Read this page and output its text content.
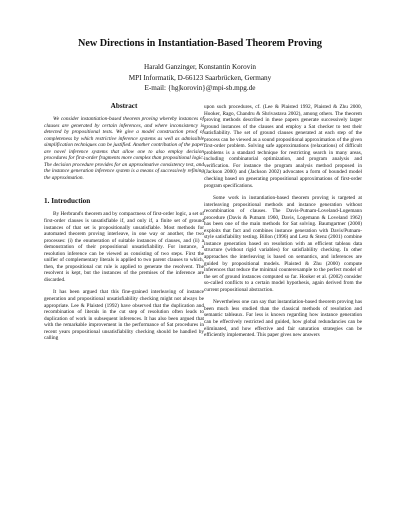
New Directions in Instantiation-Based Theorem Proving
Harald Ganzinger, Konstantin Korovin
MPI Informatik, D-66123 Saarbrücken, Germany
E-mail: {hg|korovin}@mpi-sb.mpg.de
Abstract

We consider instantiation-based theorem proving whereby instances of clauses are generated by certain inferences, and where inconsistency is detected by propositional tests. We give a model construction proof of completeness by which restrictive inference systems as well as admissible simplification techniques can be justified. Another contribution of the paper are novel inference systems that allow one to also employ decision procedures for first-order fragments more complex than propositional logic. The decision procedure provides for an approximative consistency test, and the instance generation inference system is a means of successively refining the approximation.

1. Introduction

By Herbrand's theorem and by compactness of first-order logic, a set of first-order clauses is unsatisfiable if, and only if, a finite set of ground instances of that set is propositionally unsatisfiable. Most methods for automated theorem proving interleave, in one way or another, the two processes: (i) the enumeration of suitable instances of clauses, and (ii) a demonstration of their propositional unsatisfiability. For instance, a resolution inference can be viewed as consisting of two steps. First the unifier of complementary literals is applied to two parent clauses to which, then, the propositional cut rule is applied to generate the resolvent. The resolvent is kept, but the instances of the premises of the inference are discarded.

It has been argued that this fine-grained interleaving of instance generation and propositional unsatisfiability checking might not always be appropriate. Lee & Plaisted (1992) have observed that the duplication and recombination of literals in the cut step of resolution often leads to duplication of work in subsequent inferences. It has also been argued that with the remarkable improvement in the performance of Sat procedures in recent years propositional unsatisfiability checking should be handled by calling

upon such procedures, cf. (Lee & Plaisted 1992, Plaisted & Zhu 2000, Hooker, Rago, Chandru & Shrivastava 2002), among others. The theorem proving methods described in these papers generate successively larger ground instances of the clauses and employ a Sat checker to test their satisfiability. The set of ground clauses generated at each step of the process can be viewed as a sound propositional approximation of the given first-order problem. Solving safe approximations (relaxations) of difficult problems is a standard technique for restricting search in many areas, including combinatorial optimization, and program analysis and verification. For instance the program analysis method proposed in (Jackson 2000) and (Jackson 2002) advocates a form of bounded model checking based on generating propositional approximations of first-order program specifications.

Some work in instantiation-based theorem proving is targeted at interleaving propositional methods and instance generation without recombination of clauses. The Davis-Putnam-Loveland-Logemann procedure (Davis & Putnam 1960, Davis, Logemann & Loveland 1962) has been one of the main methods for Sat solving. Baumgartner (2000) exploits that fact and combines instance generation with Davis/Putnam-style satisfiability testing. Billon (1996) and Letz & Stenz (2001) combine instance generation based on resolution with an efficient tableau data structure (without rigid variables) for satisfiability checking. In other approaches the interleaving is based on semantics, and inferences are guided by propositional models. Plaisted & Zhu (2000) compute inferences that reduce the minimal counterexample to the perfect model of the set of ground instances computed so far. Hooker et al. (2002) consider so-called conflicts to a certain model hypothesis, again derived from the current propositional abstraction.

Nevertheless one can say that instantiation-based theorem proving has been much less studied than the classical methods of resolution and semantic tableaux. Far less is known regarding how instance generation can be effectively restricted and guided, how global redundancies can be eliminated, and how effective and fair saturation strategies can be efficiently implemented. This paper gives new answers
